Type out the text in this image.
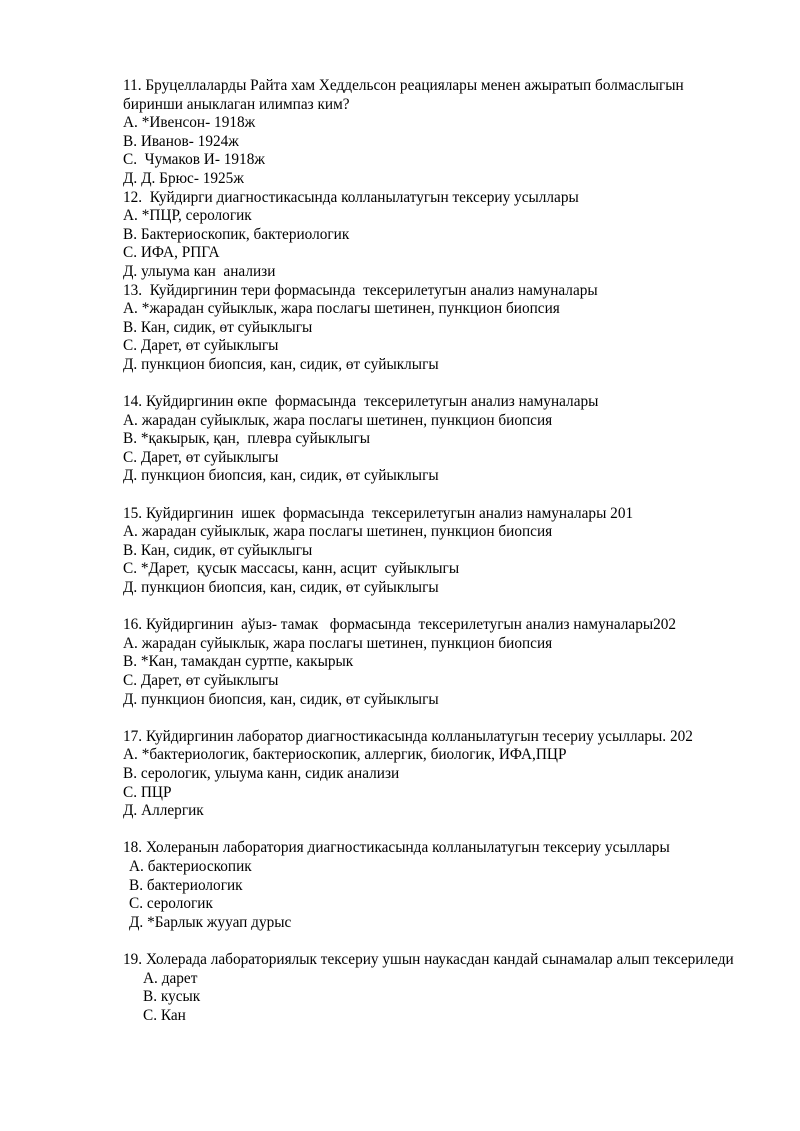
11. Бруцеллаларды Райта хам Хеддельсон реациялары менен ажыратып болмаслыгын биринши аныклаган илимпаз ким?
A. *Ивенсон- 1918ж
B. Иванов- 1924ж
C.  Чумаков И- 1918ж
Д. Д. Брюс- 1925ж
12.  Куйдирги диагностикасында колланылатугын тексериу усыллары
A. *ПЦР, серологик
B. Бактериоскопик, бактериологик
C. ИФА, РПГА
Д. улыума кан  анализи
13.  Куйдиргинин тери формасында  тексерилетугын анализ намуналары
A. *жарадан суйыклык, жара послагы шетинен, пункцион биопсия
B. Кан, сидик, өт суйыклыгы
C. Дарет, өт суйыклыгы
Д. пункцион биопсия, кан, сидик, өт суйыклыгы
14. Куйдиргинин өкпе  формасында  тексерилетугын анализ намуналары
A. жарадан суйыклык, жара послагы шетинен, пункцион биопсия
B. *қакырык, қан,  плевра суйыклыгы
C. Дарет, өт суйыклыгы
Д. пункцион биопсия, кан, сидик, өт суйыклыгы
15. Куйдиргинин  ишек  формасында  тексерилетугын анализ намуналары 201
A. жарадан суйыклык, жара послагы шетинен, пункцион биопсия
B. Кан, сидик, өт суйыклыгы
C. *Дарет,  қусык массасы, канн, асцит  суйыклыгы
Д. пункцион биопсия, кан, сидик, өт суйыклыгы
16. Куйдиргинин  аўыз- тамак   формасында  тексерилетугын анализ намуналары202
A. жарадан суйыклык, жара послагы шетинен, пункцион биопсия
B. *Кан, тамакдан суртпе, какырык
C. Дарет, өт суйыклыгы
Д. пункцион биопсия, кан, сидик, өт суйыклыгы
17. Куйдиргинин лаборатор диагностикасында колланылатугын тесериу усыллары. 202
A. *бактериологик, бактериоскопик, аллергик, биологик, ИФА,ПЦР
B. серологик, улыума канн, сидик анализи
C. ПЦР
Д. Аллергик
18. Холеранын лаборатория диагностикасында колланылатугын тексериу усыллары
A. бактериоскопик
B. бактериологик
C. серологик
Д. *Барлык жууап дурыс
19. Холерада лабораториялык тексериу ушын наукасдан кандай сынамалар алып тексериледи
A. дарет
B. кусык
C. Кан
